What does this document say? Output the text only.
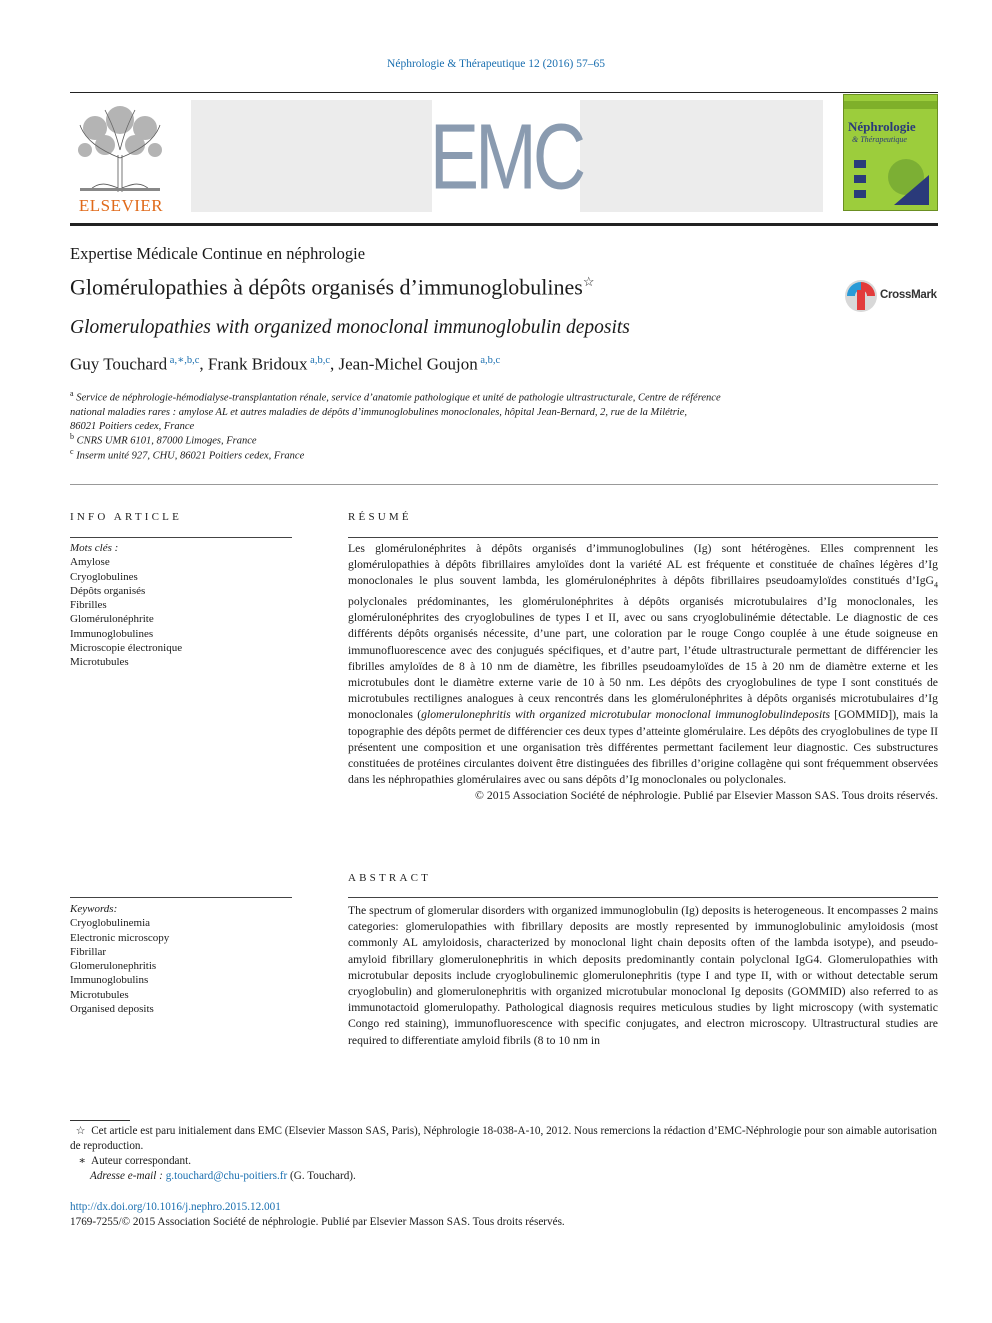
Néphrologie & Thérapeutique 12 (2016) 57–65
ELSEVIER	EMC	Néphrologie
& Thérapeutique
Expertise Médicale Continue en néphrologie
Glomérulopathies à dépôts organisés d’immunoglobulines☆
CrossMark
Glomerulopathies with organized monoclonal immunoglobulin deposits
Guy Touchard $^{a,∗,b,c}$, Frank Bridoux $^{a,b,c}$, Jean-Michel Goujon $^{a,b,c}$
$^a$ Service de néphrologie-hémodialyse-transplantation rénale, service d’anatomie pathologique et unité de pathologie ultrastructurale, Centre de référence
national maladies rares : amylose AL et autres maladies de dépôts d’immunoglobulines monoclonales, hôpital Jean-Bernard, 2, rue de la Milétrie,
86021 Poitiers cedex, France
$^b$ CNRS UMR 6101, 87000 Limoges, France
$^c$ Inserm unité 927, CHU, 86021 Poitiers cedex, France
INFO ARTICLE	RÉSUMÉ
Mots clés :
Amylose
Cryoglobulines
Dépôts organisés
Fibrilles
Glomérulonéphrite
Immunoglobulines
Microscopie électronique
Microtubules

Les glomérulonéphrites à dépôts organisés d’immunoglobulines (Ig) sont hétérogènes. Elles comprennent les glomérulopathies à dépôts fibrillaires amyloïdes dont la variété AL est fréquente et constituée de chaînes légères d’Ig monoclonales le plus souvent lambda, les glomérulonéphrites à dépôts fibrillaires pseudoamyloïdes constitués d’IgG$_4$ polyclonales prédominantes, les glomérulonéphrites à dépôts organisés microtubulaires d’Ig monoclonales, les glomérulonéphrites des cryoglobulines de types I et II, avec ou sans cryoglobulinémie détectable. Le diagnostic de ces différents dépôts organisés nécessite, d’une part, une coloration par le rouge Congo couplée à une étude soigneuse en immunofluorescence avec des conjugués spécifiques, et d’autre part, l’étude ultrastructurale permettant de différencier les fibrilles amyloïdes de 8 à 10 nm de diamètre, les fibrilles pseudoamyloïdes de 15 à 20 nm de diamètre externe et les microtubules dont le diamètre externe varie de 10 à 50 nm. Les dépôts des cryoglobulines de type I sont constitués de microtubules rectilignes analogues à ceux rencontrés dans les glomérulonéphrites à dépôts organisés microtubulaires d’Ig monoclonales (glomerulonephritis with organized microtubular monoclonal immunoglobulindeposits [GOMMID]), mais la topographie des dépôts permet de différencier ces deux types d’atteinte glomérulaire. Les dépôts des cryoglobulines de type II présentent une composition et une organisation très différentes permettant facilement leur diagnostic. Ces substructures constituées de protéines circulantes doivent être distinguées des fibrilles d’origine collagène qui sont fréquemment observées dans les néphropathies glomérulaires avec ou sans dépôts d’Ig monoclonales ou polyclonales.

© 2015 Association Société de néphrologie. Publié par Elsevier Masson SAS. Tous droits réservés.

ABSTRACT
Keywords:
Cryoglobulinemia
Electronic microscopy
Fibrillar
Glomerulonephritis
Immunoglobulins
Microtubules
Organised deposits
The spectrum of glomerular disorders with organized immunoglobulin (Ig) deposits is heterogeneous. It encompasses 2 mains categories: glomerulopathies with fibrillary deposits are mostly represented by immunoglobulinic amyloidosis (most commonly AL amyloidosis, characterized by monoclonal light chain deposits often of the lambda isotype), and pseudo-amyloid fibrillary glomerulonephritis in which deposits predominantly contain polyclonal IgG4. Glomerulopathies with microtubular deposits include cryoglobulinemic glomerulonephritis (type I and type II, with or without detectable serum cryoglobulin) and glomerulonephritis with organized microtubular monoclonal Ig deposits (GOMMID) also referred to as immunotactoid glomerulopathy. Pathological diagnosis requires meticulous studies by light microscopy (with systematic Congo red staining), immunofluorescence with specific conjugates, and electron microscopy. Ultrastructural studies are required to differentiate amyloid fibrils (8 to 10 nm in
☆ Cet article est paru initialement dans EMC (Elsevier Masson SAS, Paris), Néphrologie 18-038-A-10, 2012. Nous remercions la rédaction d’EMC-Néphrologie pour son aimable autorisation de reproduction.
∗ Auteur correspondant.
Adresse e-mail : g.touchard@chu-poitiers.fr (G. Touchard).
http://dx.doi.org/10.1016/j.nephro.2015.12.001
1769-7255/© 2015 Association Société de néphrologie. Publié par Elsevier Masson SAS. Tous droits réservés.
